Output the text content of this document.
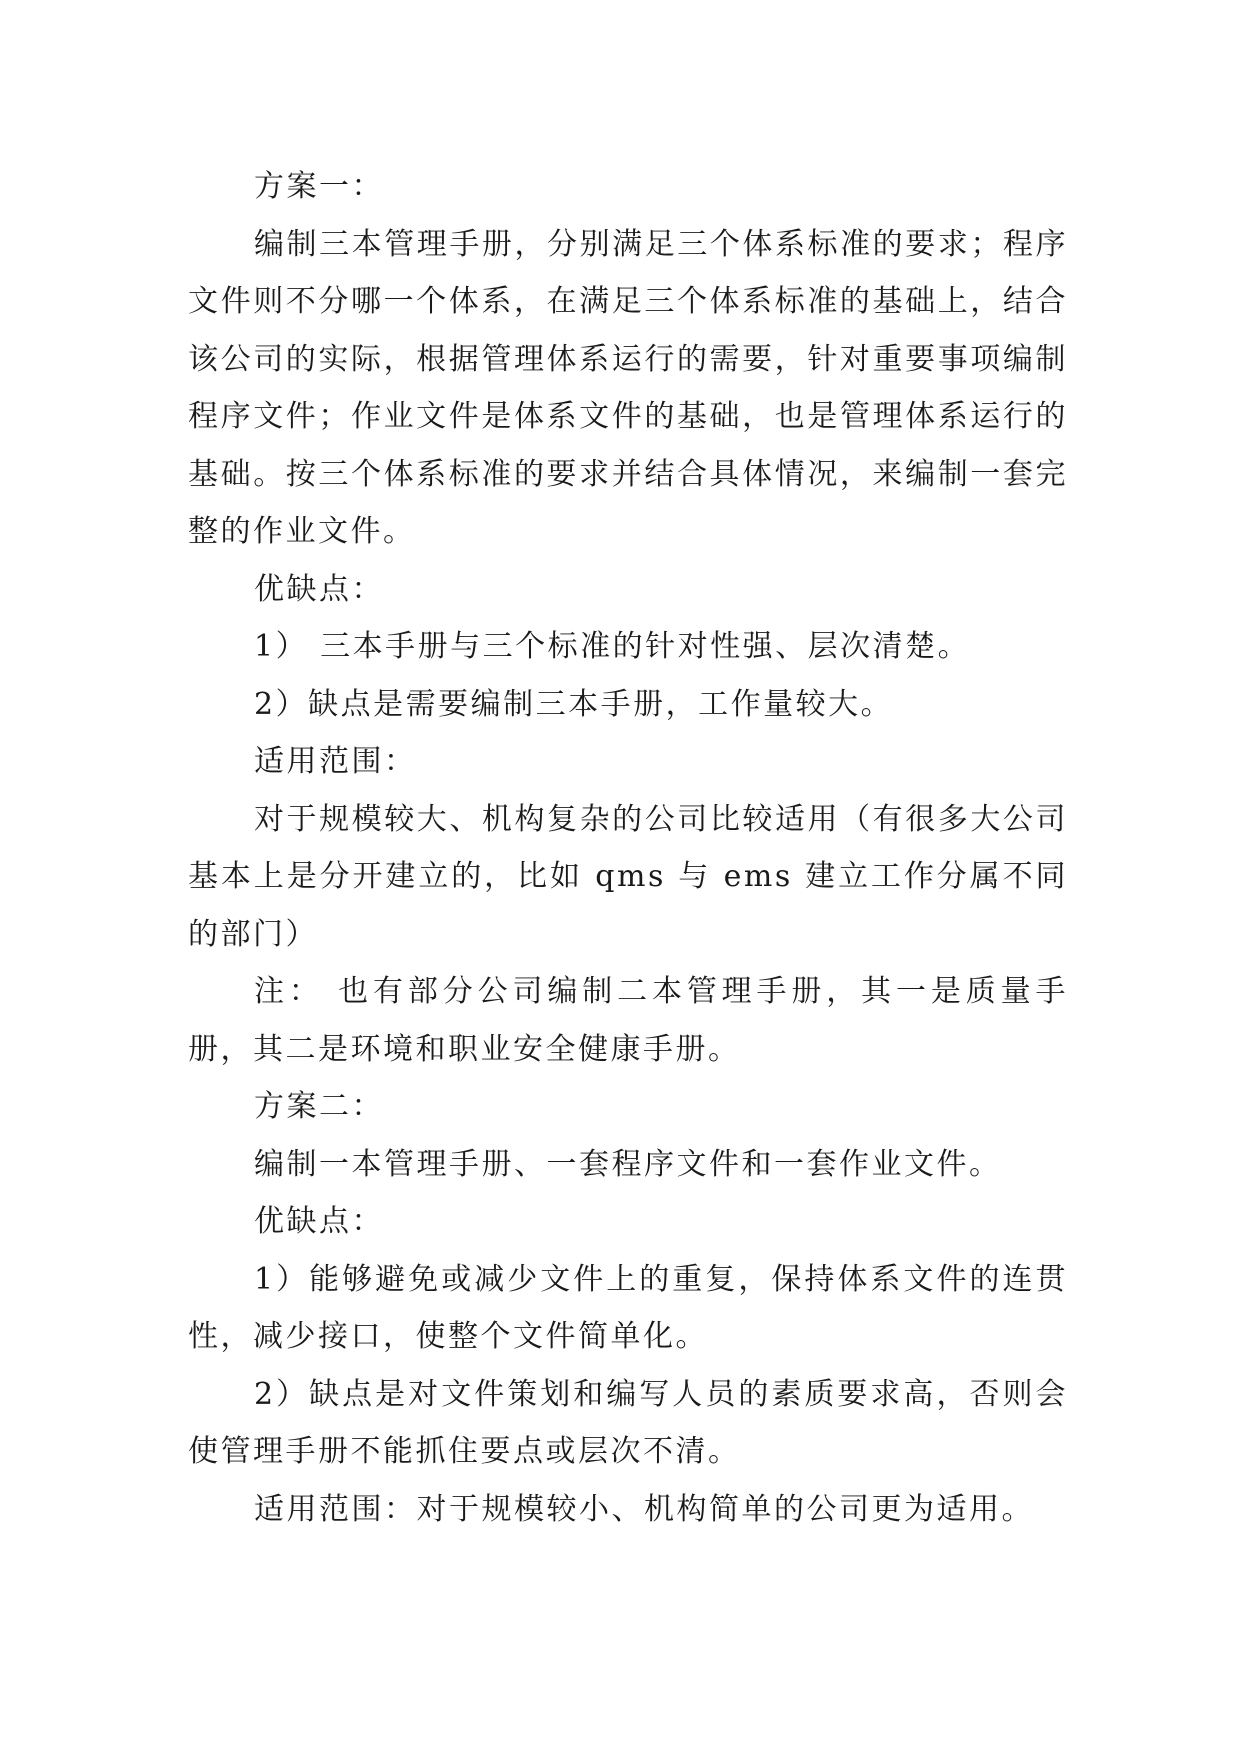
方案一：

编制三本管理手册，分别满足三个体系标准的要求；程序文件则不分哪一个体系，在满足三个体系标准的基础上，结合该公司的实际，根据管理体系运行的需要，针对重要事项编制程序文件；作业文件是体系文件的基础，也是管理体系运行的基础。按三个体系标准的要求并结合具体情况，来编制一套完整的作业文件。

优缺点：

1） 三本手册与三个标准的针对性强、层次清楚。

2）缺点是需要编制三本手册，工作量较大。

适用范围：

对于规模较大、机构复杂的公司比较适用（有很多大公司基本上是分开建立的，比如 qms 与 ems 建立工作分属不同的部门）

注： 也有部分公司编制二本管理手册，其一是质量手册，其二是环境和职业安全健康手册。

方案二：

编制一本管理手册、一套程序文件和一套作业文件。

优缺点：

1）能够避免或减少文件上的重复，保持体系文件的连贯性，减少接口，使整个文件简单化。

2）缺点是对文件策划和编写人员的素质要求高，否则会使管理手册不能抓住要点或层次不清。

适用范围：对于规模较小、机构简单的公司更为适用。
